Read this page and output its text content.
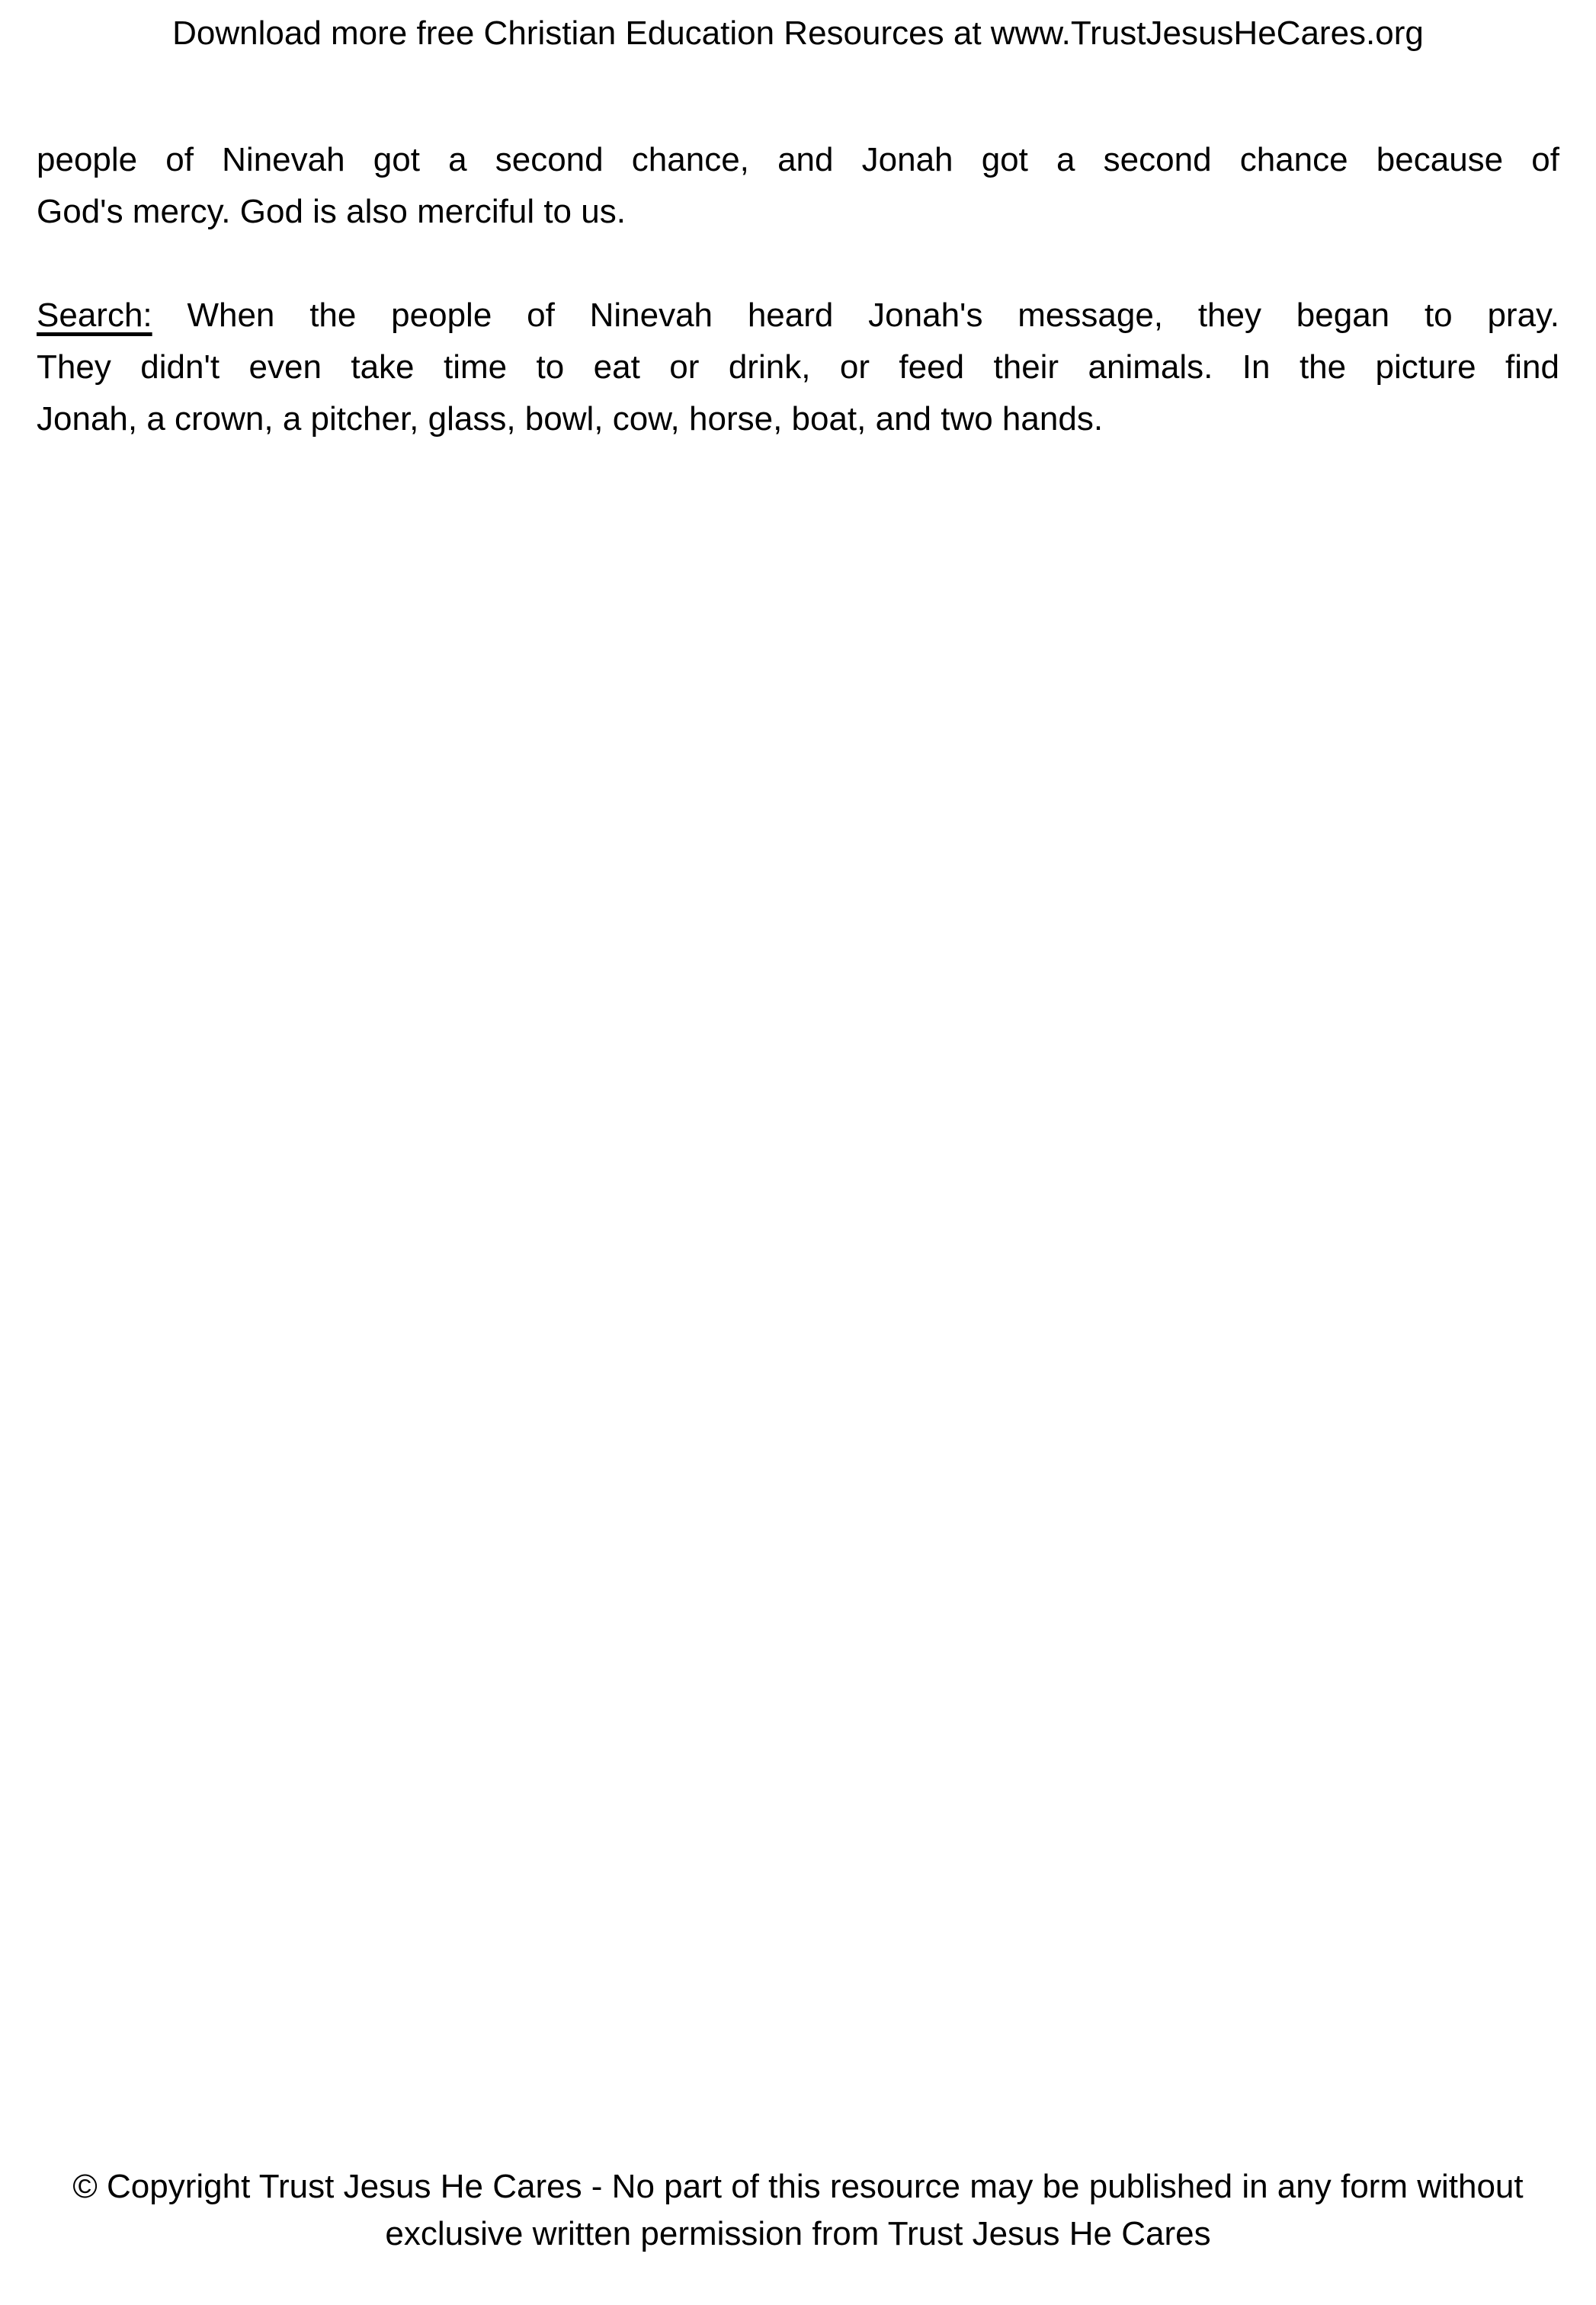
Download more free Christian Education Resources at www.TrustJesusHeCares.org
people of Ninevah got a second chance, and Jonah got a second chance because of
God's mercy. God is also merciful to us.
Search: When the people of Ninevah heard Jonah's message, they began to pray.
They didn't even take time to eat or drink, or feed their animals. In the picture find
Jonah, a crown, a pitcher, glass, bowl, cow, horse, boat, and two hands.
© Copyright Trust Jesus He Cares - No part of this resource may be published in any form without
exclusive written permission from Trust Jesus He Cares
